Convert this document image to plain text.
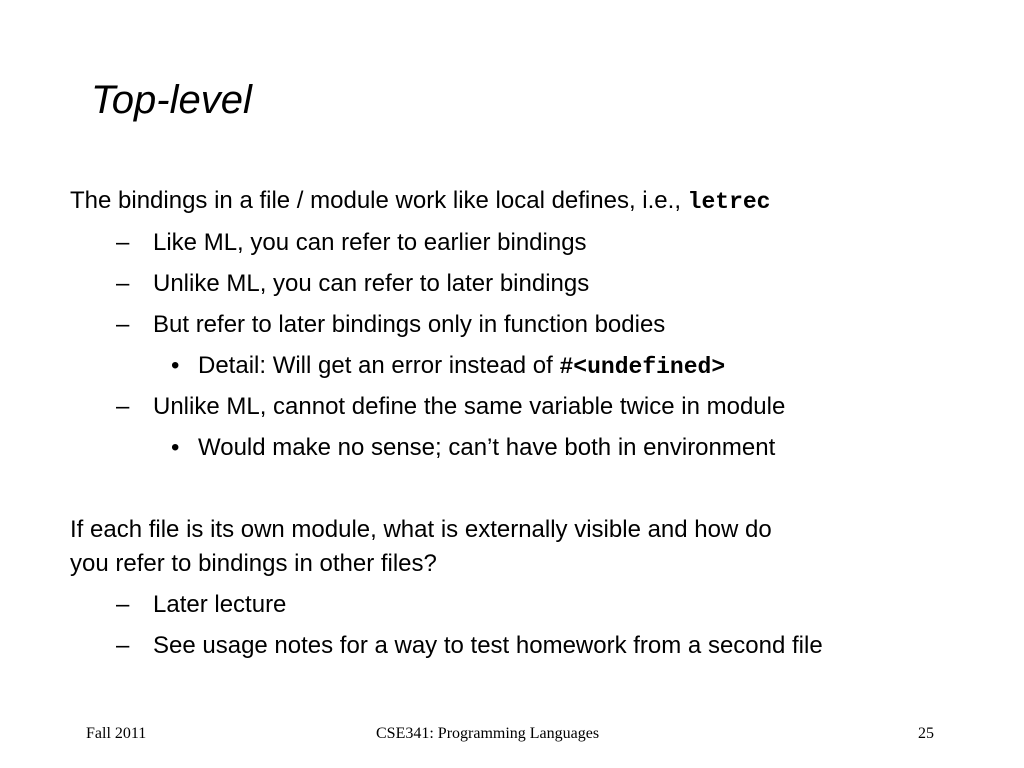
Top-level
The bindings in a file / module work like local defines, i.e., letrec
– Like ML, you can refer to earlier bindings
– Unlike ML, you can refer to later bindings
– But refer to later bindings only in function bodies
• Detail: Will get an error instead of #<undefined>
– Unlike ML, cannot define the same variable twice in module
• Would make no sense; can’t have both in environment
If each file is its own module, what is externally visible and how do
you refer to bindings in other files?
– Later lecture
– See usage notes for a way to test homework from a second file
Fall 2011	CSE341: Programming Languages	25
